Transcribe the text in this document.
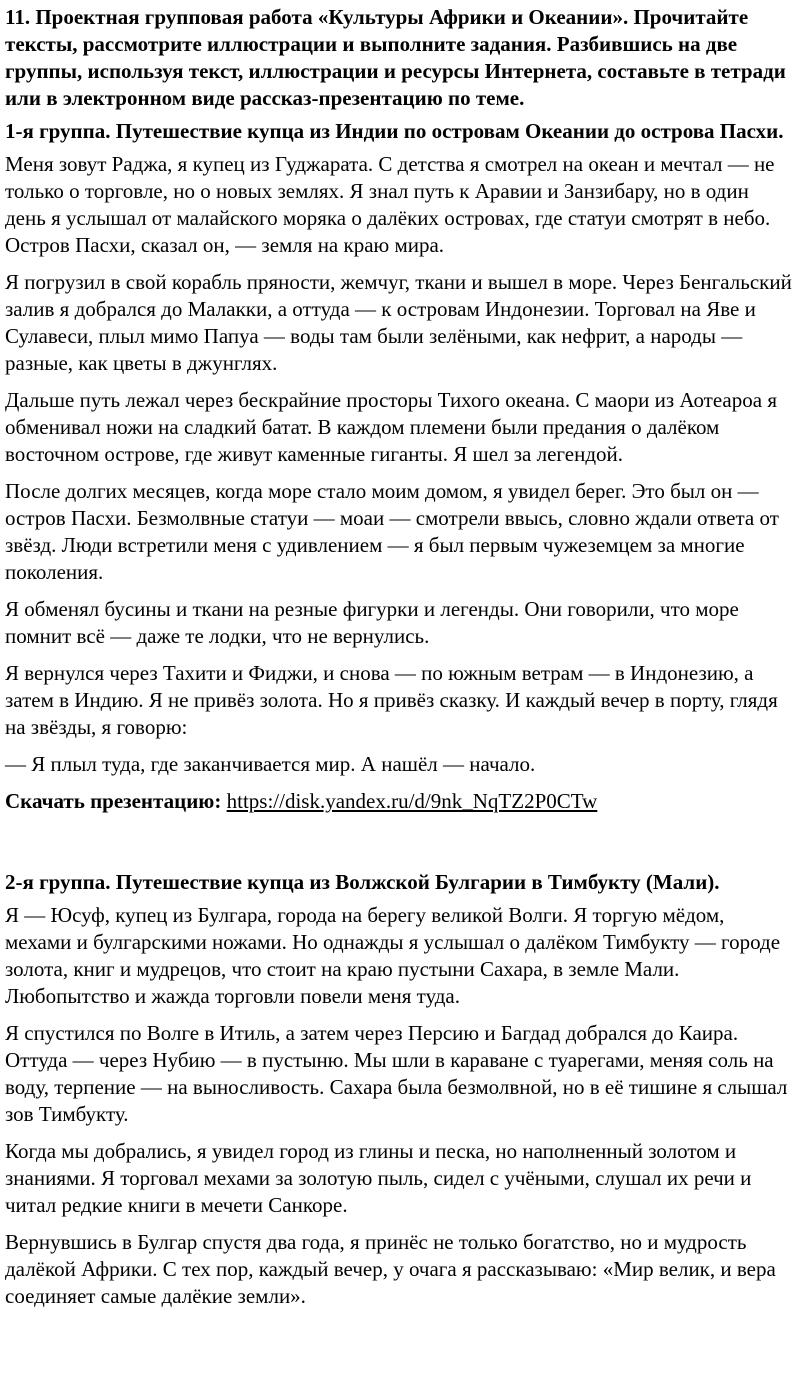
11. Проектная групповая работа «Культуры Африки и Океании». Прочитайте тексты, рассмотрите иллюстрации и выполните задания. Разбившись на две группы, используя текст, иллюстрации и ресурсы Интернета, составьте в тетради или в электронном виде рассказ-презентацию по теме.
1-я группа. Путешествие купца из Индии по островам Океании до острова Пасхи.

Меня зовут Раджа, я купец из Гуджарата. С детства я смотрел на океан и мечтал — не только о торговле, но о новых землях. Я знал путь к Аравии и Занзибару, но в один день я услышал от малайского моряка о далёких островах, где статуи смотрят в небо. Остров Пасхи, сказал он, — земля на краю мира.

Я погрузил в свой корабль пряности, жемчуг, ткани и вышел в море. Через Бенгальский залив я добрался до Малакки, а оттуда — к островам Индонезии. Торговал на Яве и Сулавеси, плыл мимо Папуа — воды там были зелёными, как нефрит, а народы — разные, как цветы в джунглях.

Дальше путь лежал через бескрайние просторы Тихого океана. С маори из Аотеароа я обменивал ножи на сладкий батат. В каждом племени были предания о далёком восточном острове, где живут каменные гиганты. Я шел за легендой.

После долгих месяцев, когда море стало моим домом, я увидел берег. Это был он — остров Пасхи. Безмолвные статуи — моаи — смотрели ввысь, словно ждали ответа от звёзд. Люди встретили меня с удивлением — я был первым чужеземцем за многие поколения.

Я обменял бусины и ткани на резные фигурки и легенды. Они говорили, что море помнит всё — даже те лодки, что не вернулись.

Я вернулся через Тахити и Фиджи, и снова — по южным ветрам — в Индонезию, а затем в Индию. Я не привёз золота. Но я привёз сказку. И каждый вечер в порту, глядя на звёзды, я говорю:

— Я плыл туда, где заканчивается мир. А нашёл — начало.

Скачать презентацию: https://disk.yandex.ru/d/9nk_NqTZ2P0CTw
2-я группа. Путешествие купца из Волжской Булгарии в Тимбукту (Мали).

Я — Юсуф, купец из Булгара, города на берегу великой Волги. Я торгую мёдом, мехами и булгарскими ножами. Но однажды я услышал о далёком Тимбукту — городе золота, книг и мудрецов, что стоит на краю пустыни Сахара, в земле Мали. Любопытство и жажда торговли повели меня туда.

Я спустился по Волге в Итиль, а затем через Персию и Багдад добрался до Каира. Оттуда — через Нубию — в пустыню. Мы шли в караване с туарегами, меняя соль на воду, терпение — на выносливость. Сахара была безмолвной, но в её тишине я слышал зов Тимбукту.

Когда мы добрались, я увидел город из глины и песка, но наполненный золотом и знаниями. Я торговал мехами за золотую пыль, сидел с учёными, слушал их речи и читал редкие книги в мечети Санкоре.

Вернувшись в Булгар спустя два года, я принёс не только богатство, но и мудрость далёкой Африки. С тех пор, каждый вечер, у очага я рассказываю: «Мир велик, и вера соединяет самые далёкие земли».
